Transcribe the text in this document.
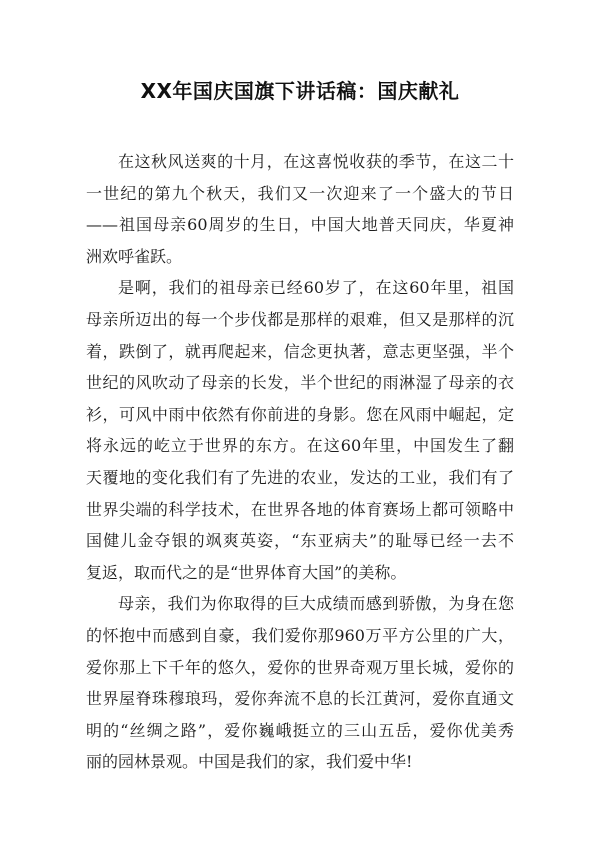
XX年国庆国旗下讲话稿：国庆献礼
在这秋风送爽的十月，在这喜悦收获的季节，在这二十
一世纪的第九个秋天，我们又一次迎来了一个盛大的节日
——祖国母亲60周岁的生日，中国大地普天同庆，华夏神
洲欢呼雀跃。
是啊，我们的祖母亲已经60岁了，在这60年里，祖国
母亲所迈出的每一个步伐都是那样的艰难，但又是那样的沉
着，跌倒了，就再爬起来，信念更执著，意志更坚强，半个
世纪的风吹动了母亲的长发，半个世纪的雨淋湿了母亲的衣
衫，可风中雨中依然有你前进的身影。您在风雨中崛起，定
将永远的屹立于世界的东方。在这60年里，中国发生了翻
天覆地的变化我们有了先进的农业，发达的工业，我们有了
世界尖端的科学技术，在世界各地的体育赛场上都可领略中
国健儿金夺银的飒爽英姿，“东亚病夫”的耻辱已经一去不
复返，取而代之的是“世界体育大国”的美称。
母亲，我们为你取得的巨大成绩而感到骄傲，为身在您
的怀抱中而感到自豪，我们爱你那960万平方公里的广大，
爱你那上下千年的悠久，爱你的世界奇观万里长城，爱你的
世界屋脊珠穆琅玛，爱你奔流不息的长江黄河，爱你直通文
明的“丝绸之路”，爱你巍峨挺立的三山五岳，爱你优美秀
丽的园林景观。中国是我们的家，我们爱中华!
